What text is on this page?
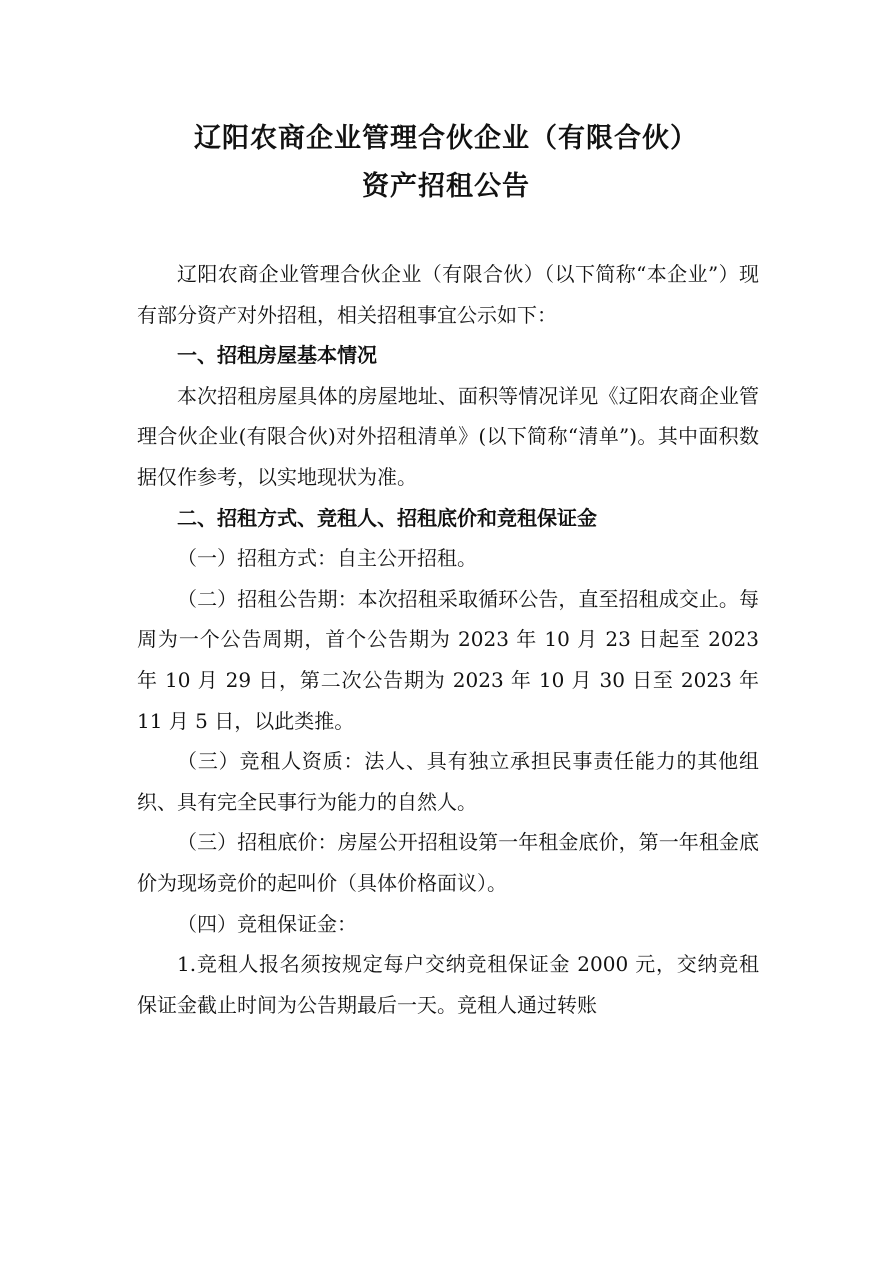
辽阳农商企业管理合伙企业（有限合伙）
资产招租公告

辽阳农商企业管理合伙企业（有限合伙）（以下简称“本企业”）现有部分资产对外招租，相关招租事宜公示如下：

一、招租房屋基本情况

本次招租房屋具体的房屋地址、面积等情况详见《辽阳农商企业管理合伙企业(有限合伙)对外招租清单》(以下简称“清单”)。其中面积数据仅作参考，以实地现状为准。

二、招租方式、竞租人、招租底价和竞租保证金

（一）招租方式：自主公开招租。

（二）招租公告期：本次招租采取循环公告，直至招租成交止。每周为一个公告周期，首个公告期为 2023 年 10 月 23 日起至 2023 年 10 月 29 日，第二次公告期为 2023 年 10 月 30 日至 2023 年 11 月 5 日，以此类推。

（三）竞租人资质：法人、具有独立承担民事责任能力的其他组织、具有完全民事行为能力的自然人。

（三）招租底价：房屋公开招租设第一年租金底价，第一年租金底价为现场竞价的起叫价（具体价格面议）。

（四）竞租保证金：

1.竞租人报名须按规定每户交纳竞租保证金 2000 元，交纳竞租保证金截止时间为公告期最后一天。竞租人通过转账
